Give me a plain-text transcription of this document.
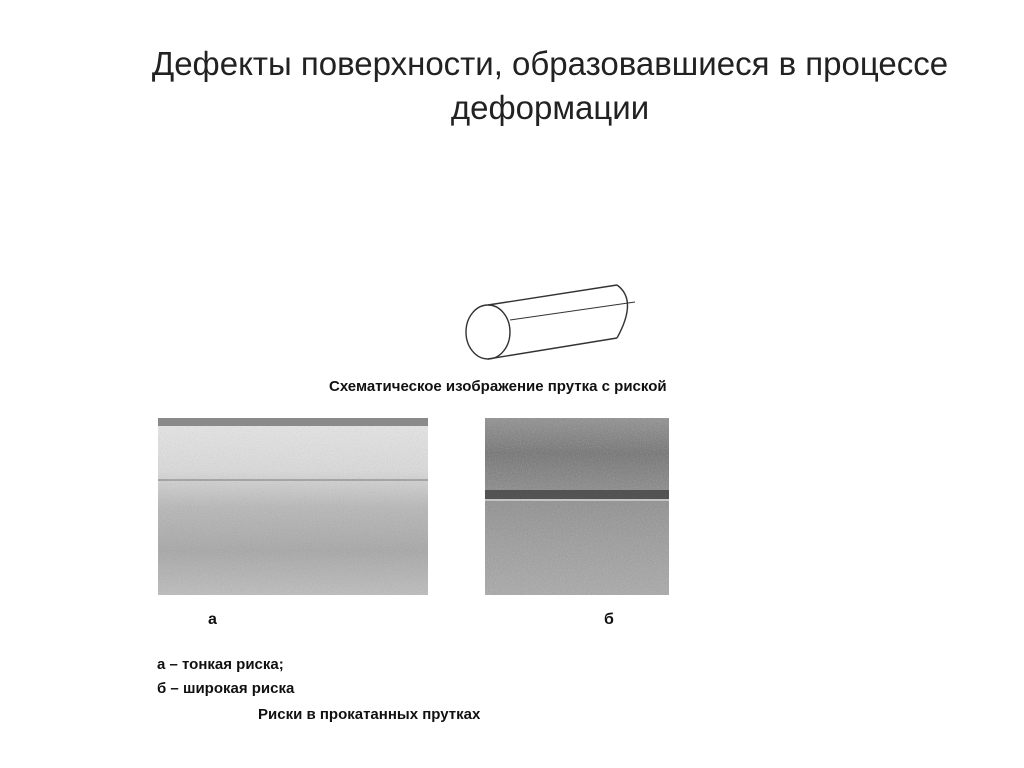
Дефекты поверхности, образовавшиеся в процессе
деформации
Схематическое изображение прутка с риской
а	б
а – тонкая риска;
б – широкая риска
Риски в прокатанных прутках
